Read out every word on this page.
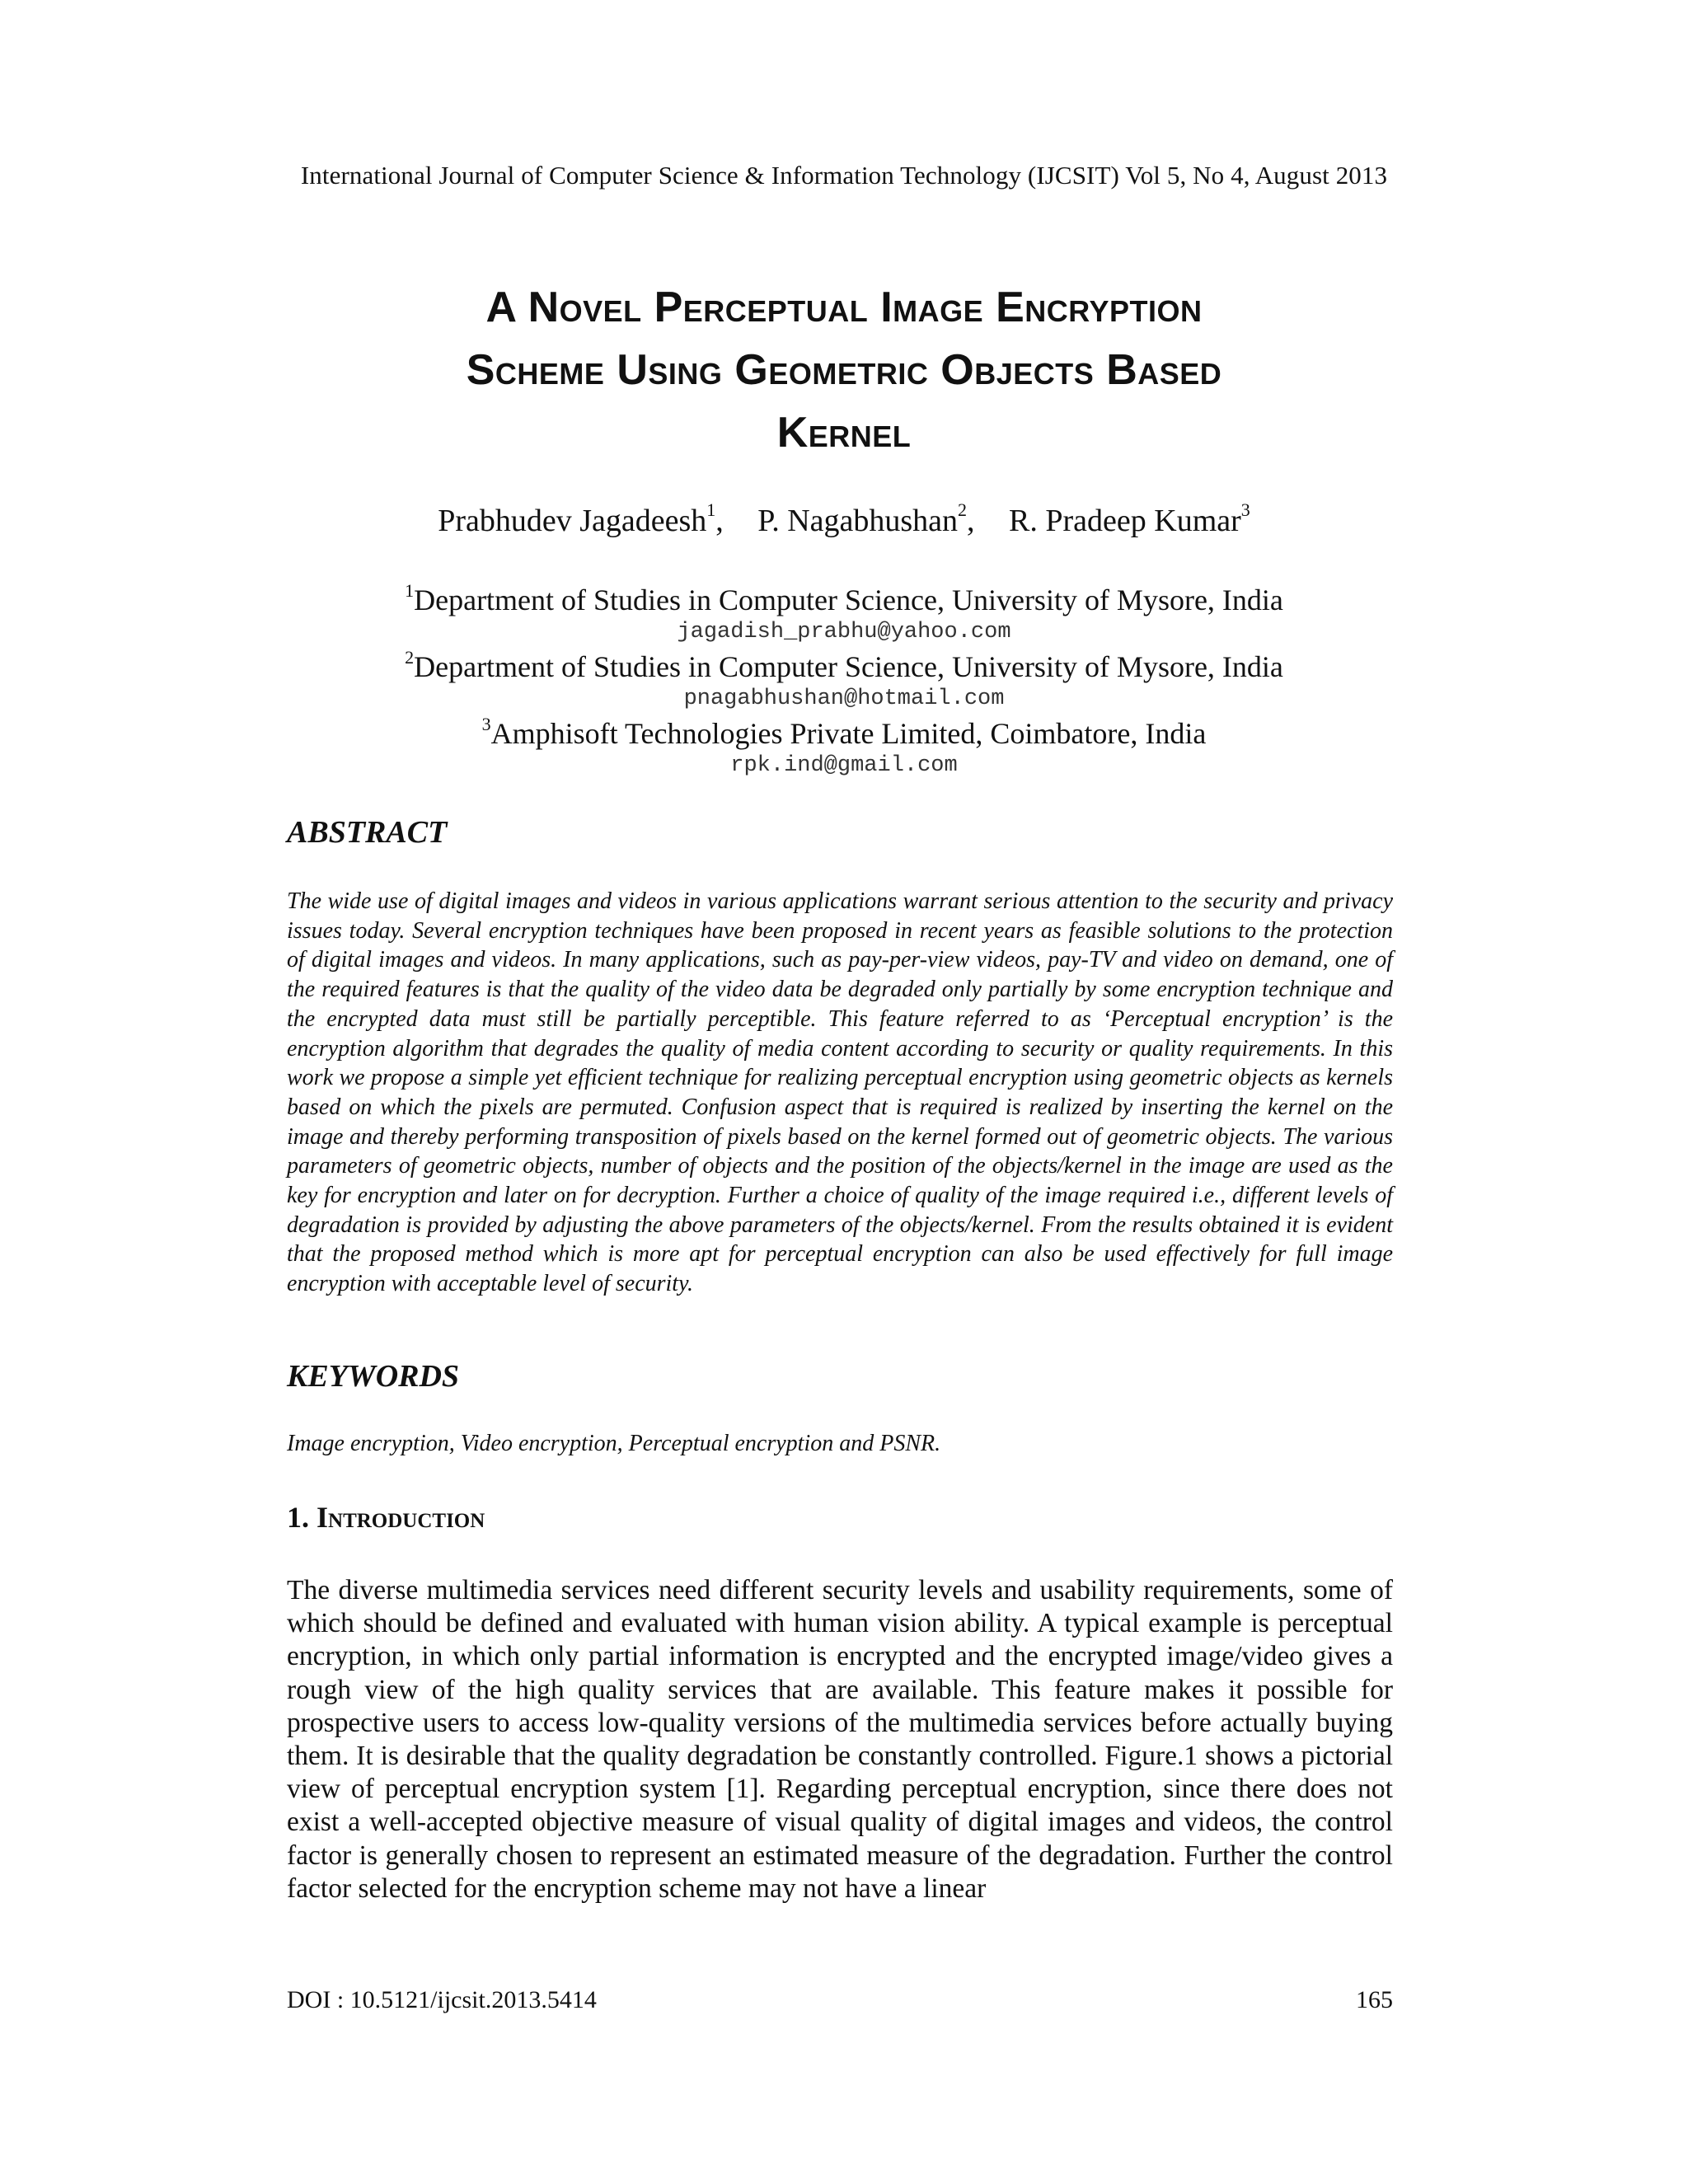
International Journal of Computer Science & Information Technology (IJCSIT) Vol 5, No 4, August 2013
A Novel Perceptual Image Encryption
Scheme Using Geometric Objects Based
Kernel
Prabhudev Jagadeesh$^1$, P. Nagabhushan$^2$, R. Pradeep Kumar$^3$
$^1$Department of Studies in Computer Science, University of Mysore, India
jagadish_prabhu@yahoo.com
$^2$Department of Studies in Computer Science, University of Mysore, India
pnagabhushan@hotmail.com
$^3$Amphisoft Technologies Private Limited, Coimbatore, India
rpk.ind@gmail.com
ABSTRACT
The wide use of digital images and videos in various applications warrant serious attention to the security and privacy issues today. Several encryption techniques have been proposed in recent years as feasible solutions to the protection of digital images and videos. In many applications, such as pay-per-view videos, pay-TV and video on demand, one of the required features is that the quality of the video data be degraded only partially by some encryption technique and the encrypted data must still be partially perceptible. This feature referred to as ‘Perceptual encryption’ is the encryption algorithm that degrades the quality of media content according to security or quality requirements. In this work we propose a simple yet efficient technique for realizing perceptual encryption using geometric objects as kernels based on which the pixels are permuted. Confusion aspect that is required is realized by inserting the kernel on the image and thereby performing transposition of pixels based on the kernel formed out of geometric objects. The various parameters of geometric objects, number of objects and the position of the objects/kernel in the image are used as the key for encryption and later on for decryption. Further a choice of quality of the image required i.e., different levels of degradation is provided by adjusting the above parameters of the objects/kernel. From the results obtained it is evident that the proposed method which is more apt for perceptual encryption can also be used effectively for full image encryption with acceptable level of security.
KEYWORDS
Image encryption, Video encryption, Perceptual encryption and PSNR.
1. Introduction
The diverse multimedia services need different security levels and usability requirements, some of which should be defined and evaluated with human vision ability. A typical example is perceptual encryption, in which only partial information is encrypted and the encrypted image/video gives a rough view of the high quality services that are available. This feature makes it possible for prospective users to access low-quality versions of the multimedia services before actually buying them. It is desirable that the quality degradation be constantly controlled. Figure.1 shows a pictorial view of perceptual encryption system [1]. Regarding perceptual encryption, since there does not exist a well-accepted objective measure of visual quality of digital images and videos, the control factor is generally chosen to represent an estimated measure of the degradation. Further the control factor selected for the encryption scheme may not have a linear
DOI : 10.5121/ijcsit.2013.5414	165
